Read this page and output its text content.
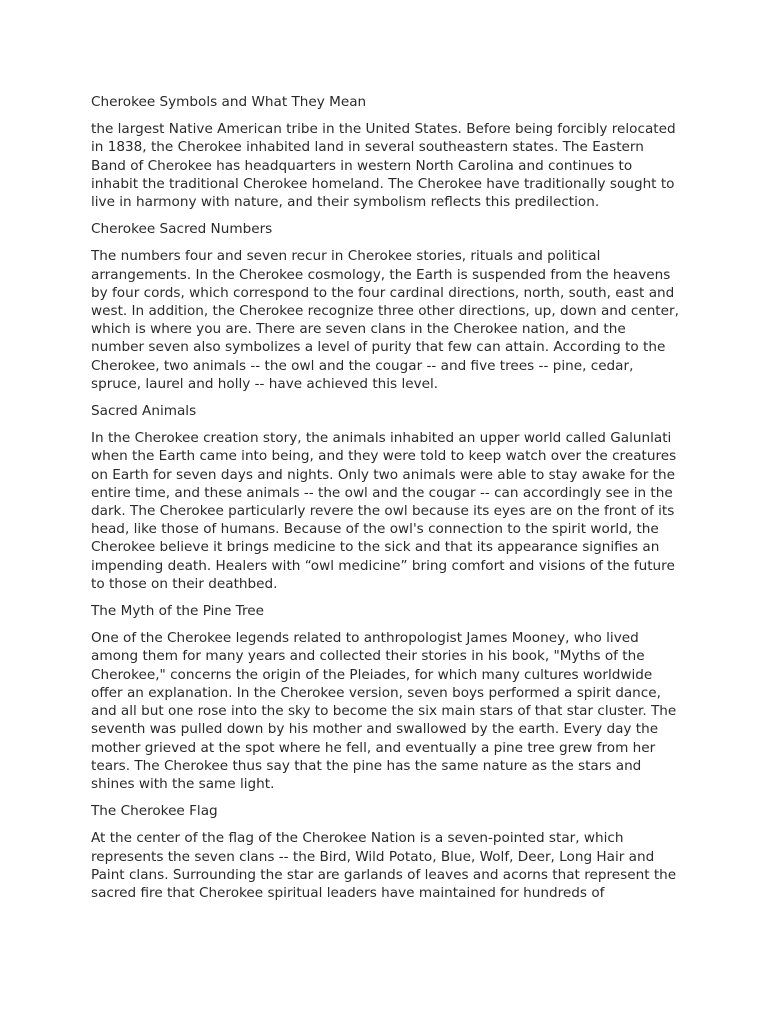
Cherokee Symbols and What They Mean

the largest Native American tribe in the United States. Before being forcibly relocated in 1838, the Cherokee inhabited land in several southeastern states. The Eastern Band of Cherokee has headquarters in western North Carolina and continues to inhabit the traditional Cherokee homeland. The Cherokee have traditionally sought to live in harmony with nature, and their symbolism reflects this predilection.

Cherokee Sacred Numbers

The numbers four and seven recur in Cherokee stories, rituals and political arrangements. In the Cherokee cosmology, the Earth is suspended from the heavens by four cords, which correspond to the four cardinal directions, north, south, east and west. In addition, the Cherokee recognize three other directions, up, down and center, which is where you are. There are seven clans in the Cherokee nation, and the number seven also symbolizes a level of purity that few can attain. According to the Cherokee, two animals -- the owl and the cougar -- and five trees -- pine, cedar, spruce, laurel and holly -- have achieved this level.

Sacred Animals

In the Cherokee creation story, the animals inhabited an upper world called Galunlati when the Earth came into being, and they were told to keep watch over the creatures on Earth for seven days and nights. Only two animals were able to stay awake for the entire time, and these animals -- the owl and the cougar -- can accordingly see in the dark. The Cherokee particularly revere the owl because its eyes are on the front of its head, like those of humans. Because of the owl's connection to the spirit world, the Cherokee believe it brings medicine to the sick and that its appearance signifies an impending death. Healers with “owl medicine” bring comfort and visions of the future to those on their deathbed.

The Myth of the Pine Tree

One of the Cherokee legends related to anthropologist James Mooney, who lived among them for many years and collected their stories in his book, "Myths of the Cherokee," concerns the origin of the Pleiades, for which many cultures worldwide offer an explanation. In the Cherokee version, seven boys performed a spirit dance, and all but one rose into the sky to become the six main stars of that star cluster. The seventh was pulled down by his mother and swallowed by the earth. Every day the mother grieved at the spot where he fell, and eventually a pine tree grew from her tears. The Cherokee thus say that the pine has the same nature as the stars and shines with the same light.

The Cherokee Flag

At the center of the flag of the Cherokee Nation is a seven-pointed star, which represents the seven clans -- the Bird, Wild Potato, Blue, Wolf, Deer, Long Hair and Paint clans. Surrounding the star are garlands of leaves and acorns that represent the sacred fire that Cherokee spiritual leaders have maintained for hundreds of
